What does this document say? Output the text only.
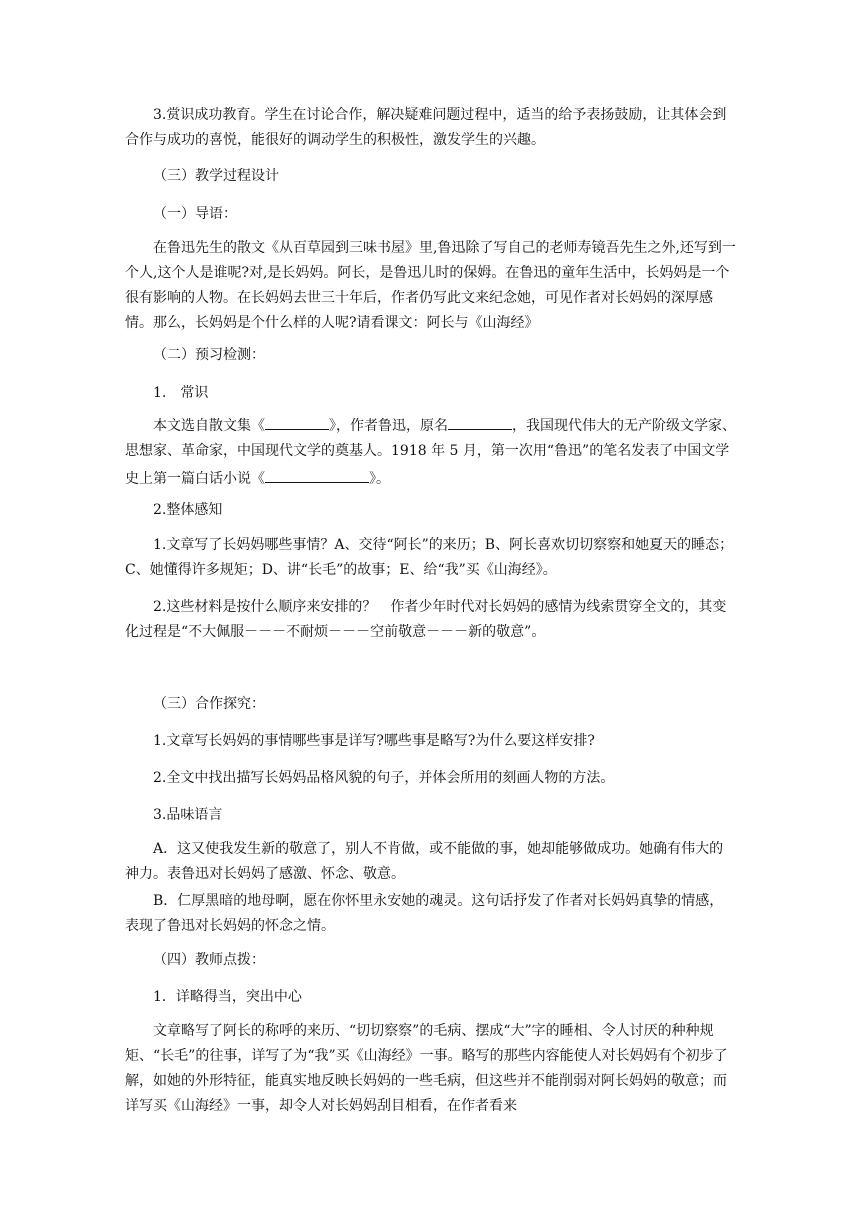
3.赏识成功教育。学生在讨论合作，解决疑难问题过程中，适当的给予表扬鼓励，让其体会到合作与成功的喜悦，能很好的调动学生的积极性，激发学生的兴趣。

（三）教学过程设计

（一）导语：

在鲁迅先生的散文《从百草园到三味书屋》里,鲁迅除了写自己的老师寿镜吾先生之外,还写到一个人,这个人是谁呢?对,是长妈妈。阿长，是鲁迅儿时的保姆。在鲁迅的童年生活中，长妈妈是一个很有影响的人物。在长妈妈去世三十年后，作者仍写此文来纪念她，可见作者对长妈妈的深厚感情。那么，长妈妈是个什么样的人呢?请看课文：阿长与《山海经》

（二）预习检测：

1.　常识

本文选自散文集《	》，作者鲁迅，原名	，我国现代伟大的无产阶级文学家、思想家、革命家，中国现代文学的奠基人。1918 年 5 月，第一次用“鲁迅”的笔名发表了中国文学史上第一篇白话小说《	》。

2.整体感知

1.文章写了长妈妈哪些事情？A、交待“阿长”的来历；B、阿长喜欢切切察察和她夏天的睡态；C、她懂得许多规矩；D、讲“长毛”的故事；E、给“我”买《山海经》。

2.这些材料是按什么顺序来安排的？　作者少年时代对长妈妈的感情为线索贯穿全文的，其变化过程是“不大佩服－－－不耐烦－－－空前敬意－－－新的敬意”。

（三）合作探究：

1.文章写长妈妈的事情哪些事是详写?哪些事是略写?为什么要这样安排?

2.全文中找出描写长妈妈品格风貌的句子，并体会所用的刻画人物的方法。

3.品味语言

A．这又使我发生新的敬意了，别人不肯做，或不能做的事，她却能够做成功。她确有伟大的神力。表鲁迅对长妈妈了感激、怀念、敬意。

B．仁厚黑暗的地母啊，愿在你怀里永安她的魂灵。这句话抒发了作者对长妈妈真挚的情感，表现了鲁迅对长妈妈的怀念之情。

（四）教师点拨：

1．详略得当，突出中心

文章略写了阿长的称呼的来历、“切切察察”的毛病、摆成“大”字的睡相、令人讨厌的种种规矩、“长毛”的往事，详写了为“我”买《山海经》一事。略写的那些内容能使人对长妈妈有个初步了解，如她的外形特征，能真实地反映长妈妈的一些毛病，但这些并不能削弱对阿长妈妈的敬意；而详写买《山海经》一事，却令人对长妈妈刮目相看，在作者看来
